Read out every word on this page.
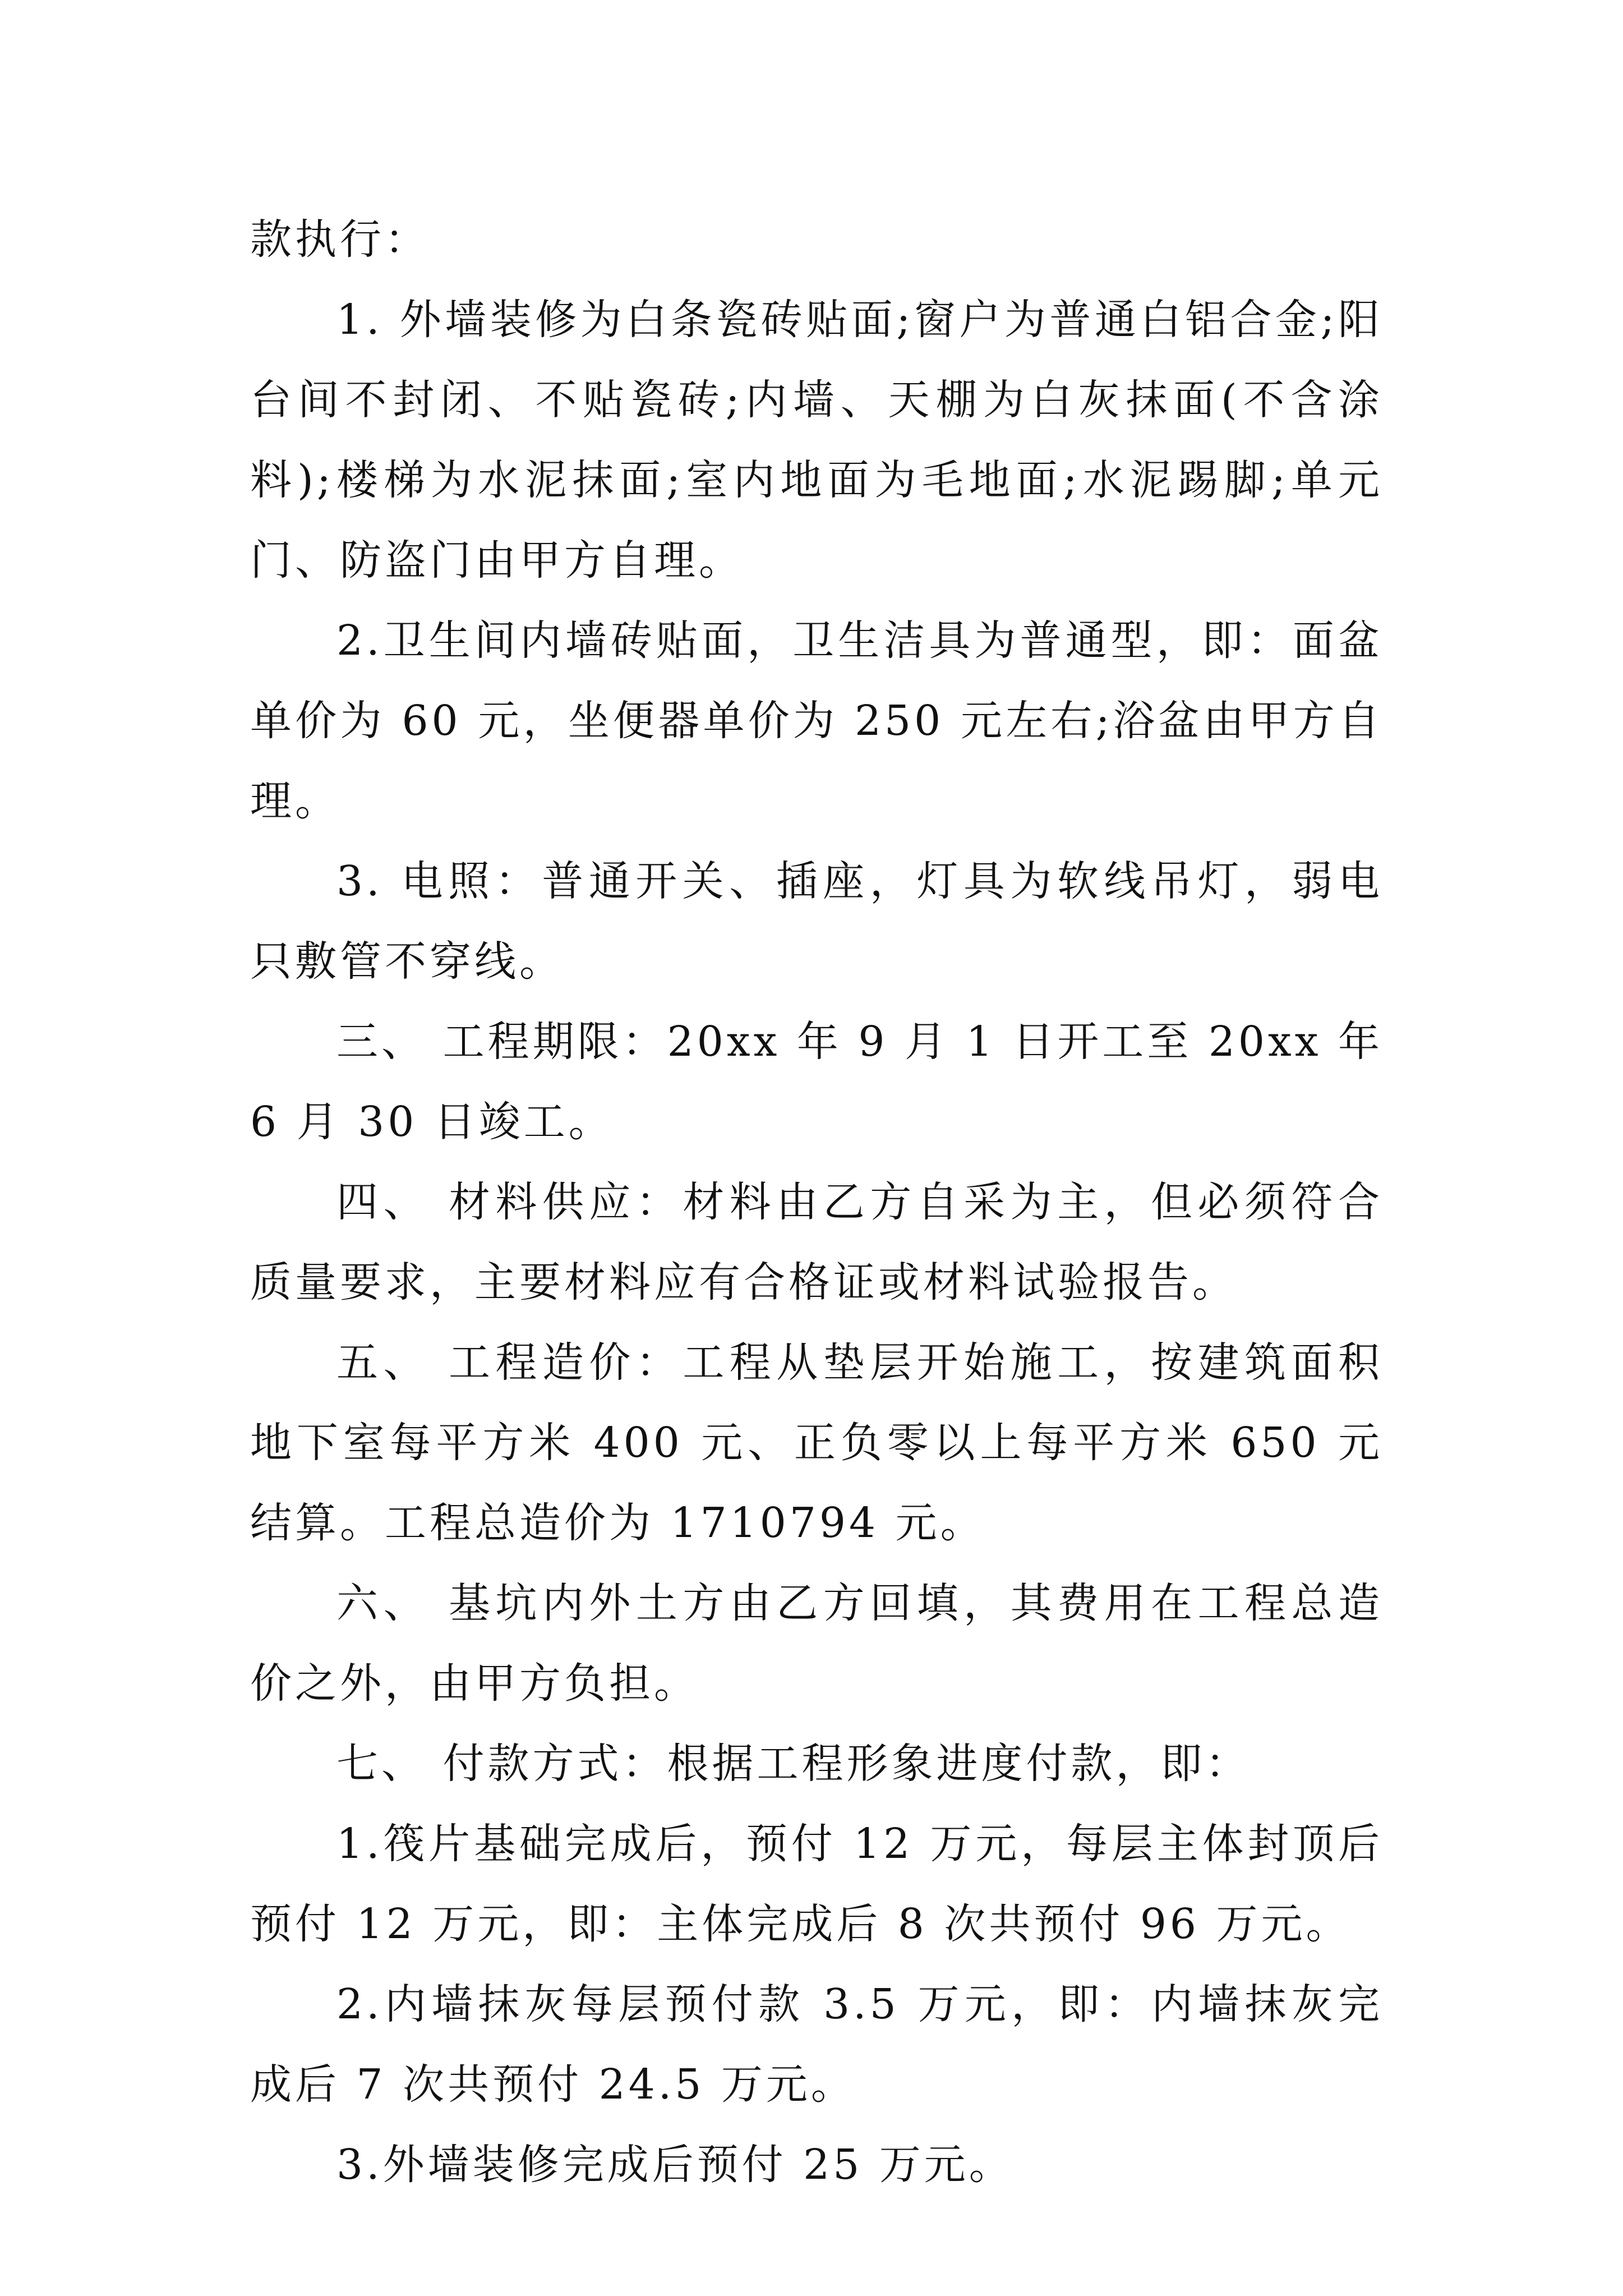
款执行：

1. 外墙装修为白条瓷砖贴面;窗户为普通白铝合金;阳台间不封闭、不贴瓷砖;内墙、天棚为白灰抹面(不含涂料);楼梯为水泥抹面;室内地面为毛地面;水泥踢脚;单元门、防盗门由甲方自理。

2.卫生间内墙砖贴面，卫生洁具为普通型，即：面盆单价为 60 元，坐便器单价为 250 元左右;浴盆由甲方自理。

3. 电照：普通开关、插座，灯具为软线吊灯，弱电只敷管不穿线。

三、 工程期限：20xx 年 9 月 1 日开工至 20xx 年 6 月 30 日竣工。

四、 材料供应：材料由乙方自采为主，但必须符合质量要求，主要材料应有合格证或材料试验报告。

五、 工程造价：工程从垫层开始施工，按建筑面积地下室每平方米 400 元、正负零以上每平方米 650 元结算。工程总造价为 1710794 元。

六、 基坑内外土方由乙方回填，其费用在工程总造价之外，由甲方负担。

七、 付款方式：根据工程形象进度付款，即：

1.筏片基础完成后，预付 12 万元，每层主体封顶后预付 12 万元，即：主体完成后 8 次共预付 96 万元。

2.内墙抹灰每层预付款 3.5 万元，即：内墙抹灰完成后 7 次共预付 24.5 万元。

3.外墙装修完成后预付 25 万元。
